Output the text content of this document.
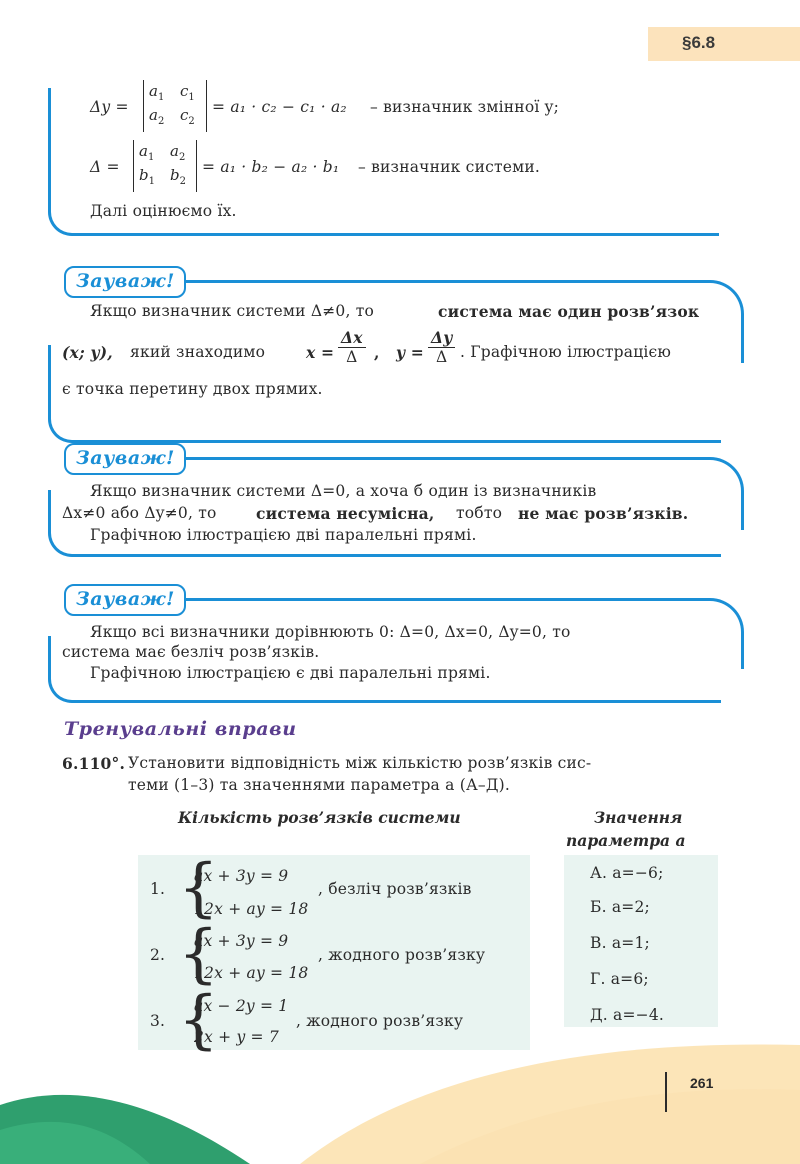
§6.8
Δy =
$a_1$ $c_1$
$a_2$ $c_2$
= a₁ · c₂ − c₁ · a₂ – визначник змінної y;
Δ =
$a_1$ $a_2$
$b_1$ $b_2$
= a₁ · b₂ − a₂ · b₁ – визначник системи.
Далі оцінюємо їх.
Зауваж!
Якщо визначник системи Δ≠0, то	система має один розв’язок
(x; y), який знаходимо	$x = \frac{\Delta x}{\Delta}$ , $y = \frac{\Delta y}{\Delta}$ . Графічною ілюстрацією
є точка перетину двох прямих.
Зауваж!
Якщо визначник системи Δ=0, а хоча б один із визначників
Δx≠0 або Δy≠0, то	система несумісна, тобто не має розв’язків.
Графічною ілюстрацією дві паралельні прямі.
Зауваж!
Якщо всі визначники дорівнюють 0: Δ=0, Δx=0, Δy=0, то
система має безліч розв’язків.
Графічною ілюстрацією є дві паралельні прямі.
Тренувальні вправи
6.110°. Установити відповідність між кількістю розв’язків сис-
теми (1–3) та значеннями параметра a (А–Д).
Кількість розв’язків системи	Значення
параметра a
1. {
ax + 3y = 9
12x + ay = 18
, безліч розв’язків
2. {
ax + 3y = 9
12x + ay = 18
, жодного розв’язку
3. {
ax − 2y = 1
2x + y = 7
, жодного розв’язку
А. a=−6;
Б. a=2;
В. a=1;
Г. a=6;
Д. a=−4.
261
